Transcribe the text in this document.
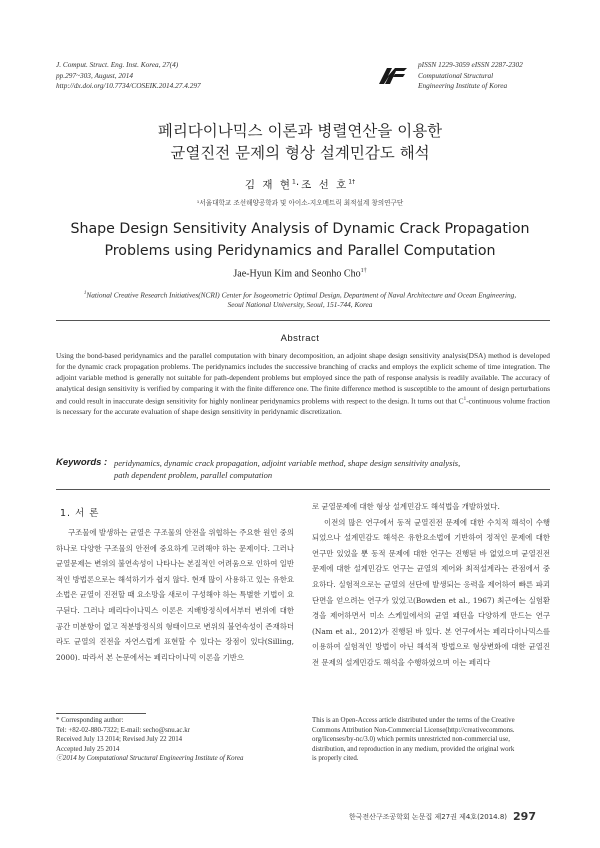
J. Comput. Struct. Eng. Inst. Korea, 27(4)
pp.297~303, August, 2014
http://dx.doi.org/10.7734/COSEIK.2014.27.4.297
pISSN 1229-3059 eISSN 2287-2302
Computational Structural
Engineering Institute of Korea
페리다이나믹스 이론과 병렬연산을 이용한
균열진전 문제의 형상 설계민감도 해석
김 재 현$^1$·조 선 호$^{1\dagger}$
¹서울대학교 조선해양공학과 및 아이소-지오메트릭 최적설계 창의연구단
Shape Design Sensitivity Analysis of Dynamic Crack Propagation
Problems using Peridynamics and Parallel Computation
Jae-Hyun Kim and Seonho Cho$^{1\dagger}$
$^1$National Creative Research Initiatives(NCRI) Center for Isogeometric Optimal Design, Department of Naval Architecture and Ocean Engineering,
Seoul National University, Seoul, 151-744, Korea
Abstract
Using the bond-based peridynamics and the parallel computation with binary decomposition, an adjoint shape design sensitivity analysis(DSA) method is developed for the dynamic crack propagation problems. The peridynamics includes the successive branching of cracks and employs the explicit scheme of time integration. The adjoint variable method is generally not suitable for path-dependent problems but employed since the path of response analysis is readily available. The accuracy of analytical design sensitivity is verified by comparing it with the finite difference one. The finite difference method is susceptible to the amount of design perturbations and could result in inaccurate design sensitivity for highly nonlinear peridynamics problems with respect to the design. It turns out that $C^1$-continuous volume fraction is necessary for the accurate evaluation of shape design sensitivity in peridynamic discretization.
Keywords : peridynamics, dynamic crack propagation, adjoint variable method, shape design sensitivity analysis,
path dependent problem, parallel computation
1. 서 론

구조물에 발생하는 균열은 구조물의 안전을 위협하는 주요한 원인 중의 하나로 다양한 구조물의 안전에 중요하게 고려해야 하는 문제이다. 그러나 균열문제는 변위의 불연속성이 나타나는 본질적인 어려움으로 인하여 일반적인 방법론으로는 해석하기가 쉽지 않다. 현재 많이 사용하고 있는 유한요소법은 균열이 진전할 때 요소망을 새로이 구성해야 하는 특별한 기법이 요구된다. 그러나 페리다이나믹스 이론은 지배방정식에서부터 변위에 대한 공간 미분항이 없고 적분방정식의 형태이므로 변위의 불연속성이 존재하더라도 균열의 진전을 자연스럽게 표현할 수 있다는 장점이 있다(Silling, 2000). 따라서 본 논문에서는 페리다이나믹 이론을 기반으

로 균열문제에 대한 형상 설계민감도 해석법을 개발하였다.

이전의 많은 연구에서 동적 균열진전 문제에 대한 수치적 해석이 수행되었으나 설계민감도 해석은 유한요소법에 기반하여 정적인 문제에 대한 연구만 있었을 뿐 동적 문제에 대한 연구는 진행된 바 없었으며 균열진전 문제에 대한 설계민감도 연구는 균열의 제어와 최적설계라는 관점에서 중요하다. 실험적으로는 균열의 선단에 발생되는 응력을 제어하여 빠른 파괴단면을 얻으려는 연구가 있었고(Bowden et al., 1967) 최근에는 실험환경을 제어하면서 미소 스케일에서의 균열 패턴을 다양하게 만드는 연구(Nam et al., 2012)가 진행된 바 있다. 본 연구에서는 페리다이나믹스를 이용하여 실험적인 방법이 아닌 해석적 방법으로 형상변화에 대한 균열진전 문제의 설계민감도 해석을 수행하였으며 이는 페리다

* Corresponding author:
Tel: +82-02-880-7322; E-mail: secho@snu.ac.kr
Received July 13 2014; Revised July 22 2014
Accepted July 25 2014
ⓒ2014 by Computational Structural Engineering Institute of Korea
This is an Open-Access article distributed under the terms of the Creative
Commons Attribution Non-Commercial License(http://creativecommons.
org/licenses/by-nc/3.0) which permits unrestricted non-commercial use,
distribution, and reproduction in any medium, provided the original work
is properly cited.
한국전산구조공학회 논문집 제27권 제4호(2014.8) 297
